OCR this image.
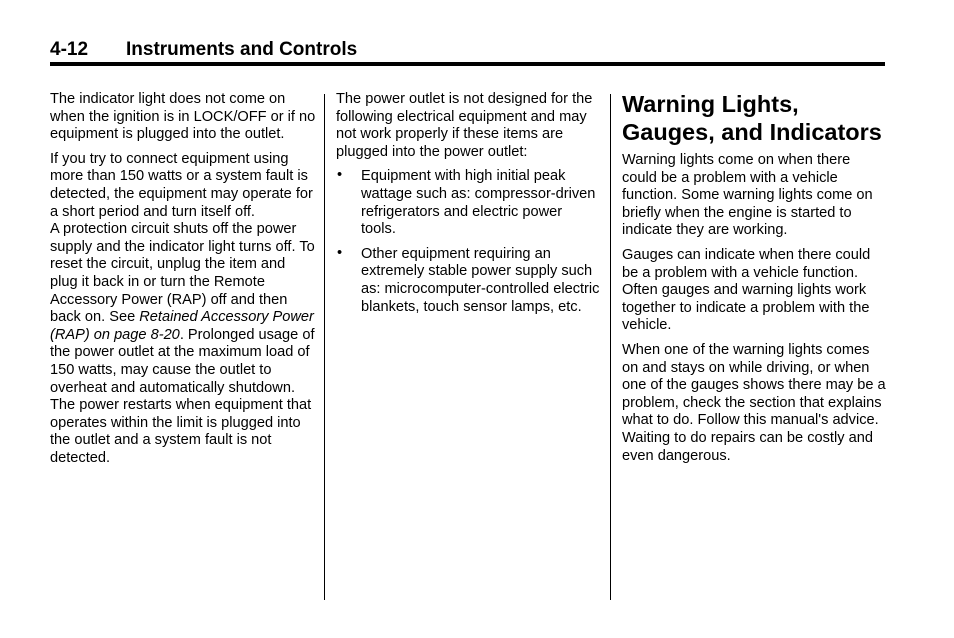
4-12 Instruments and Controls

The indicator light does not come on when the ignition is in LOCK/OFF or if no equipment is plugged into the outlet.

If you try to connect equipment using more than 150 watts or a system fault is detected, the equipment may operate for a short period and turn itself off.

A protection circuit shuts off the power supply and the indicator light turns off. To reset the circuit, unplug the item and plug it back in or turn the Remote Accessory Power (RAP) off and then back on. See Retained Accessory Power (RAP) on page 8-20. Prolonged usage of the power outlet at the maximum load of 150 watts, may cause the outlet to overheat and automatically shutdown. The power restarts when equipment that operates within the limit is plugged into the outlet and a system fault is not detected.

The power outlet is not designed for the following electrical equipment and may not work properly if these items are plugged into the power outlet:

• Equipment with high initial peak wattage such as: compressor-driven refrigerators and electric power tools.
• Other equipment requiring an extremely stable power supply such as: microcomputer-controlled electric blankets, touch sensor lamps, etc.
Warning Lights, Gauges, and Indicators

Warning lights come on when there could be a problem with a vehicle function. Some warning lights come on briefly when the engine is started to indicate they are working.

Gauges can indicate when there could be a problem with a vehicle function. Often gauges and warning lights work together to indicate a problem with the vehicle.

When one of the warning lights comes on and stays on while driving, or when one of the gauges shows there may be a problem, check the section that explains what to do. Follow this manual's advice. Waiting to do repairs can be costly and even dangerous.
